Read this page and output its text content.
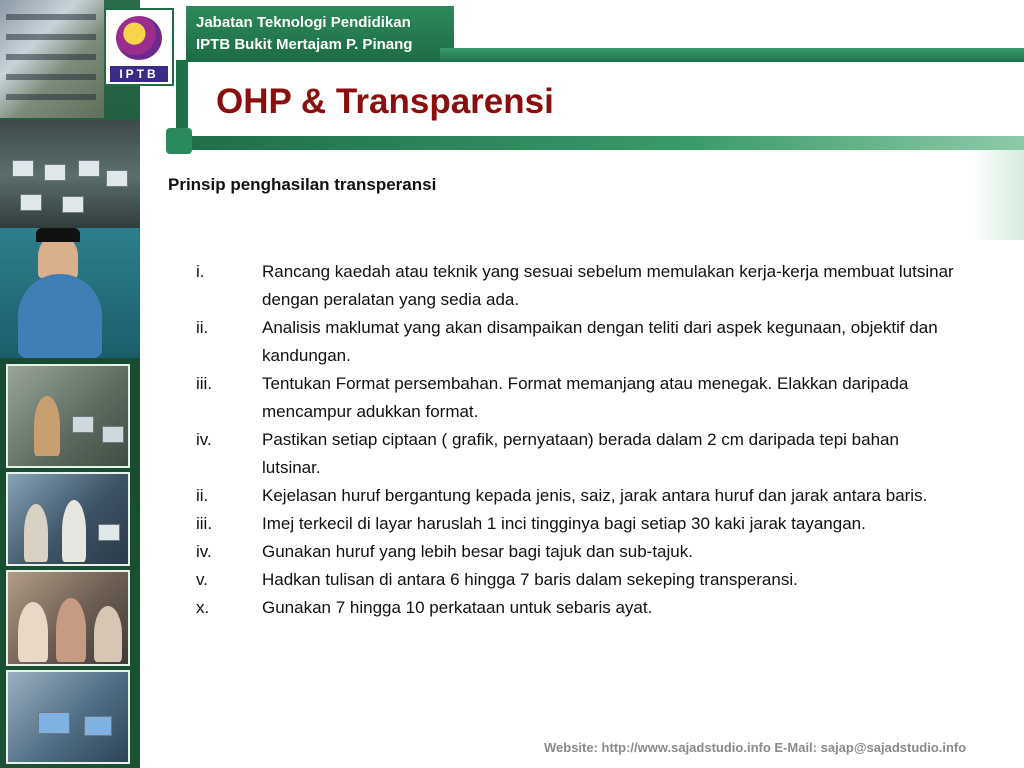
IPTB
Jabatan Teknologi Pendidikan
IPTB Bukit Mertajam P. Pinang
OHP & Transparensi
Prinsip penghasilan transperansi
i.	Rancang kaedah atau teknik yang sesuai sebelum memulakan kerja-kerja membuat lutsinar dengan peralatan yang sedia ada.
ii.	Analisis maklumat yang akan disampaikan dengan teliti dari aspek kegunaan, objektif dan kandungan.
iii.	Tentukan Format persembahan. Format memanjang atau menegak. Elakkan daripada mencampur adukkan format.
iv.	Pastikan setiap ciptaan ( grafik, pernyataan) berada dalam 2 cm daripada tepi bahan lutsinar.
ii.	Kejelasan huruf bergantung kepada jenis, saiz, jarak antara huruf dan jarak antara baris.
iii.	Imej terkecil di layar haruslah 1 inci tingginya bagi setiap 30 kaki jarak tayangan.
iv.	Gunakan huruf yang lebih besar bagi tajuk dan sub-tajuk.
v.	Hadkan tulisan di antara 6 hingga 7 baris dalam sekeping transperansi.
x.	Gunakan 7 hingga 10 perkataan untuk sebaris ayat.
Website: http://www.sajadstudio.info E-Mail: sajap@sajadstudio.info
